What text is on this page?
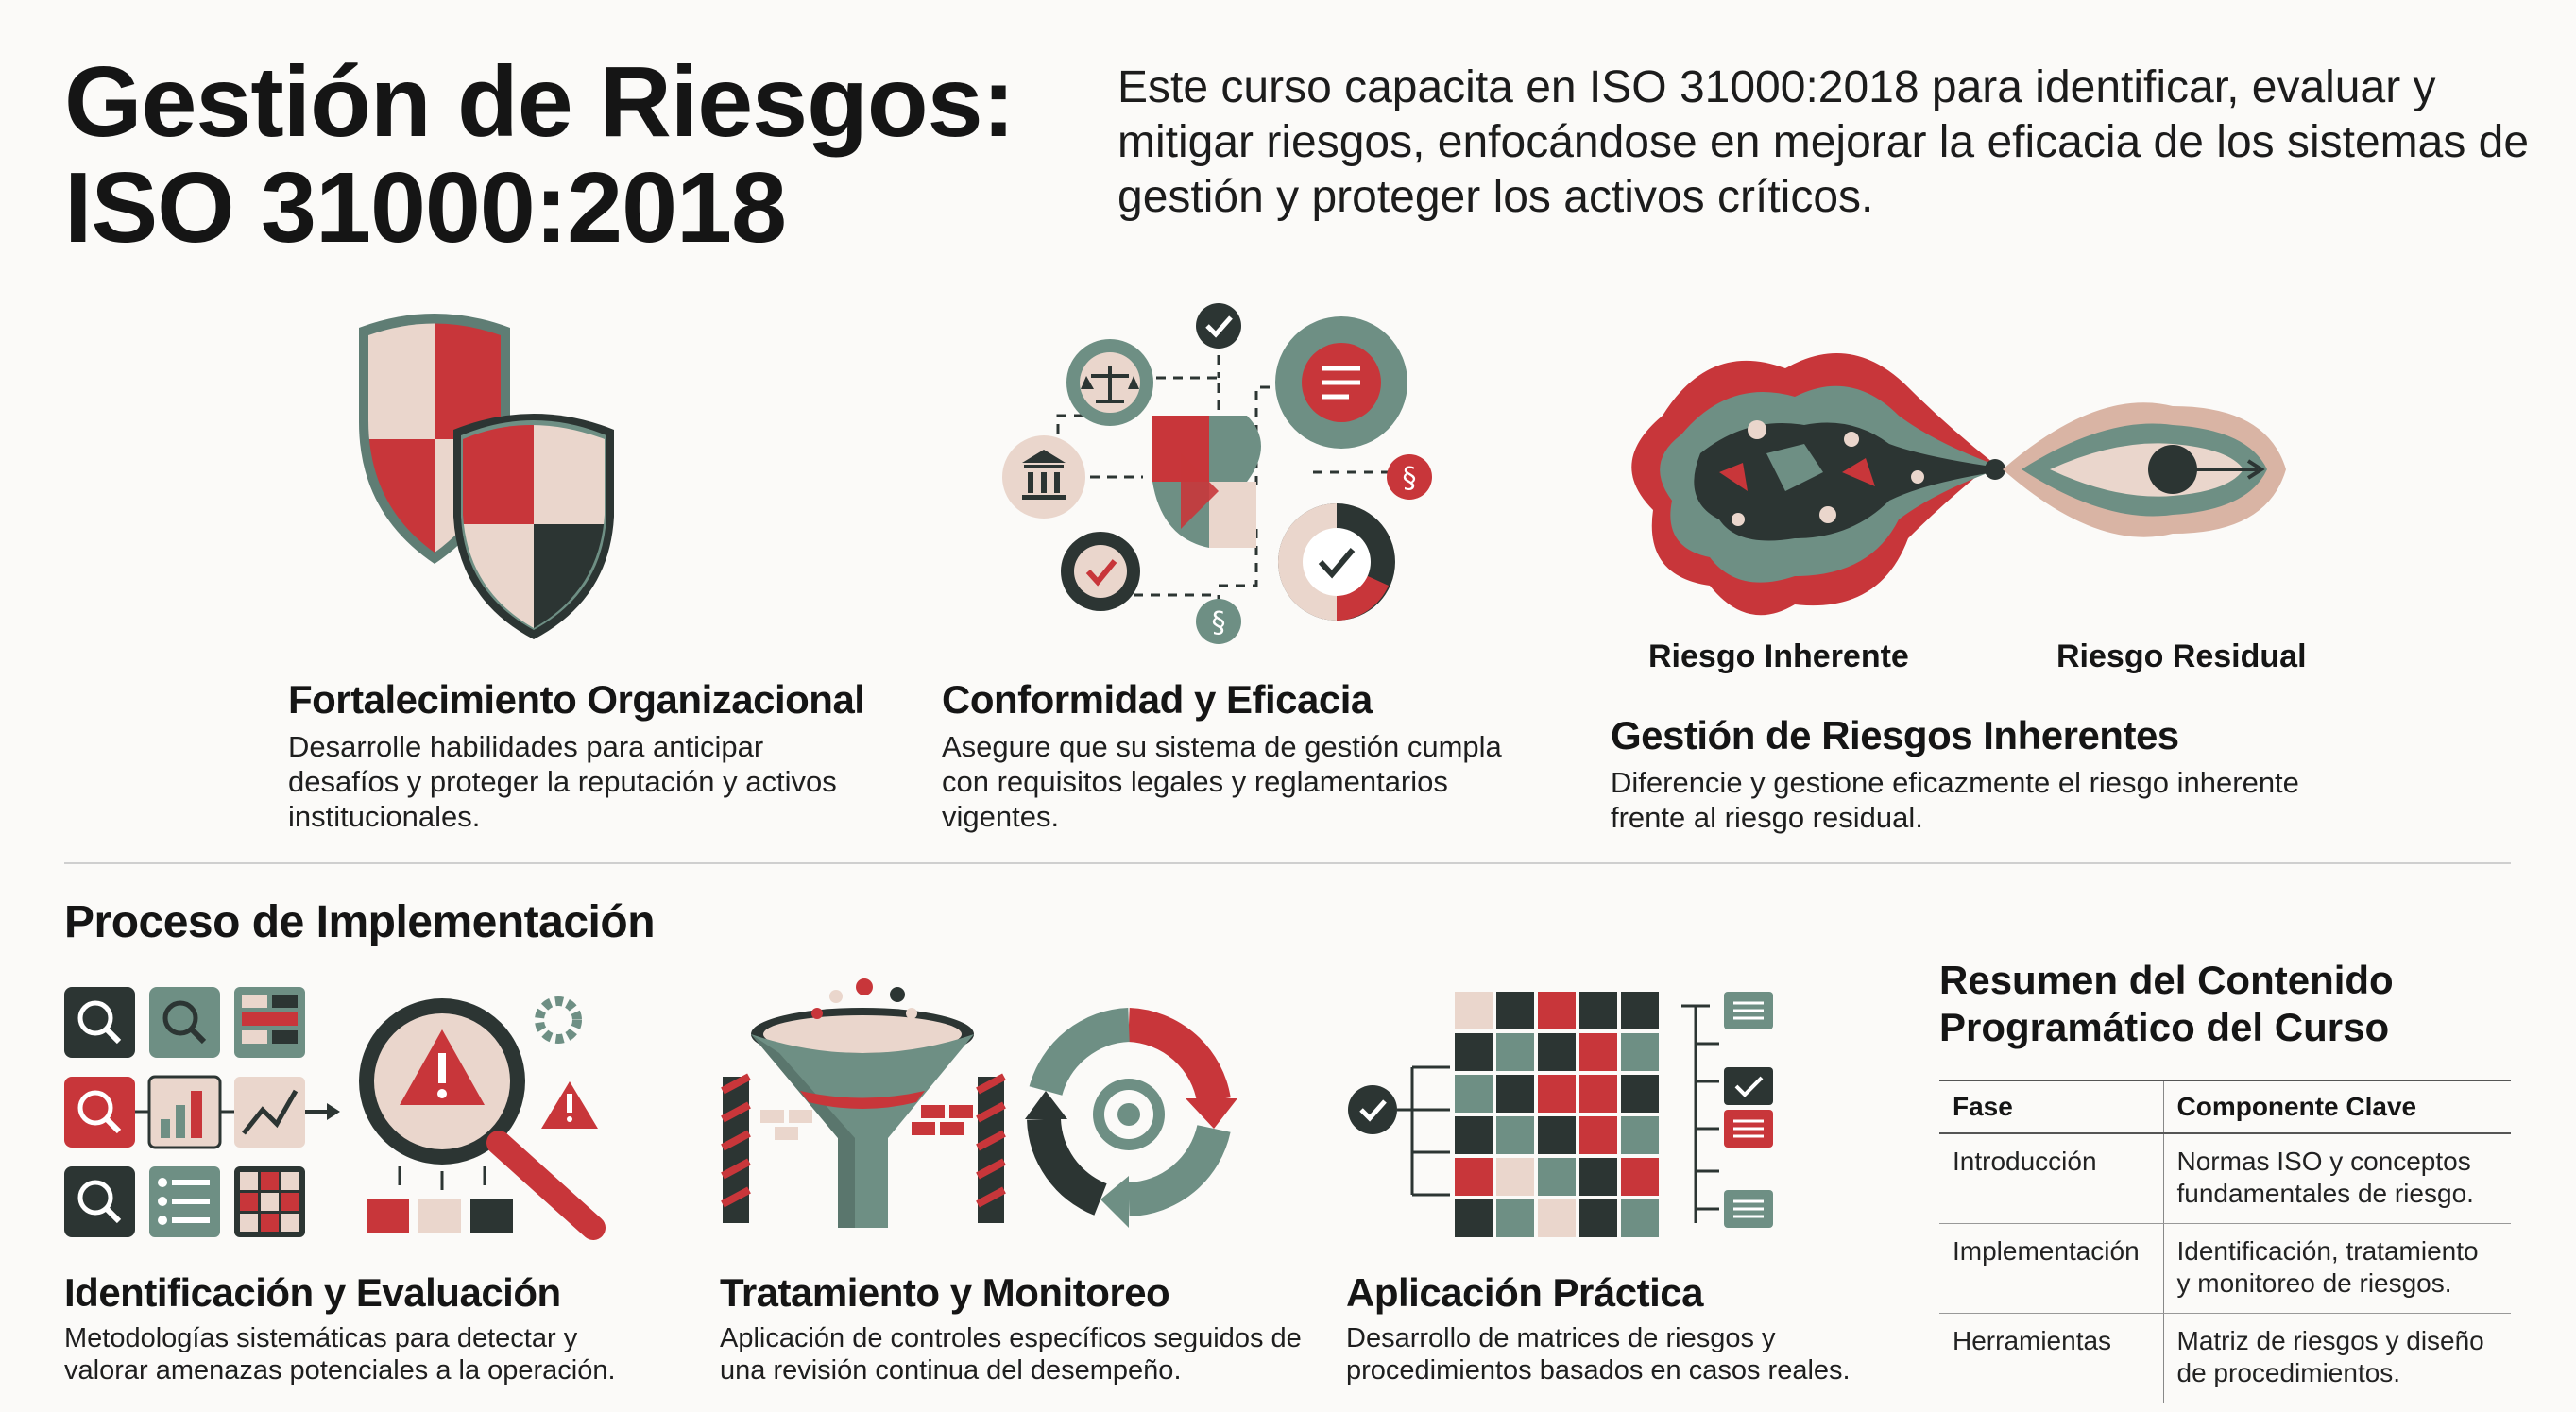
Gestión de Riesgos:
ISO 31000:2018
Este curso capacita en ISO 31000:2018 para identificar, evaluar y mitigar riesgos, enfocándose en mejorar la eficacia de los sistemas de gestión y proteger los activos críticos.
Fortalecimiento Organizacional
Desarrolle habilidades para anticipar desafíos y proteger la reputación y activos institucionales.
§
§
Conformidad y Eficacia
Asegure que su sistema de gestión cumpla con requisitos legales y reglamentarios vigentes.
Riesgo Inherente	Riesgo Residual
Gestión de Riesgos Inherentes
Diferencie y gestione eficazmente el riesgo inherente frente al riesgo residual.
Proceso de Implementación
Identificación y Evaluación
Metodologías sistemáticas para detectar y valorar amenazas potenciales a la operación.
Tratamiento y Monitoreo
Aplicación de controles específicos seguidos de una revisión continua del desempeño.
Aplicación Práctica
Desarrollo de matrices de riesgos y procedimientos basados en casos reales.
Resumen del Contenido Programático del Curso
Fase	Componente Clave
Introducción	Normas ISO y conceptos fundamentales de riesgo.
Implementación	Identificación, tratamiento y monitoreo de riesgos.
Herramientas	Matriz de riesgos y diseño de procedimientos.
